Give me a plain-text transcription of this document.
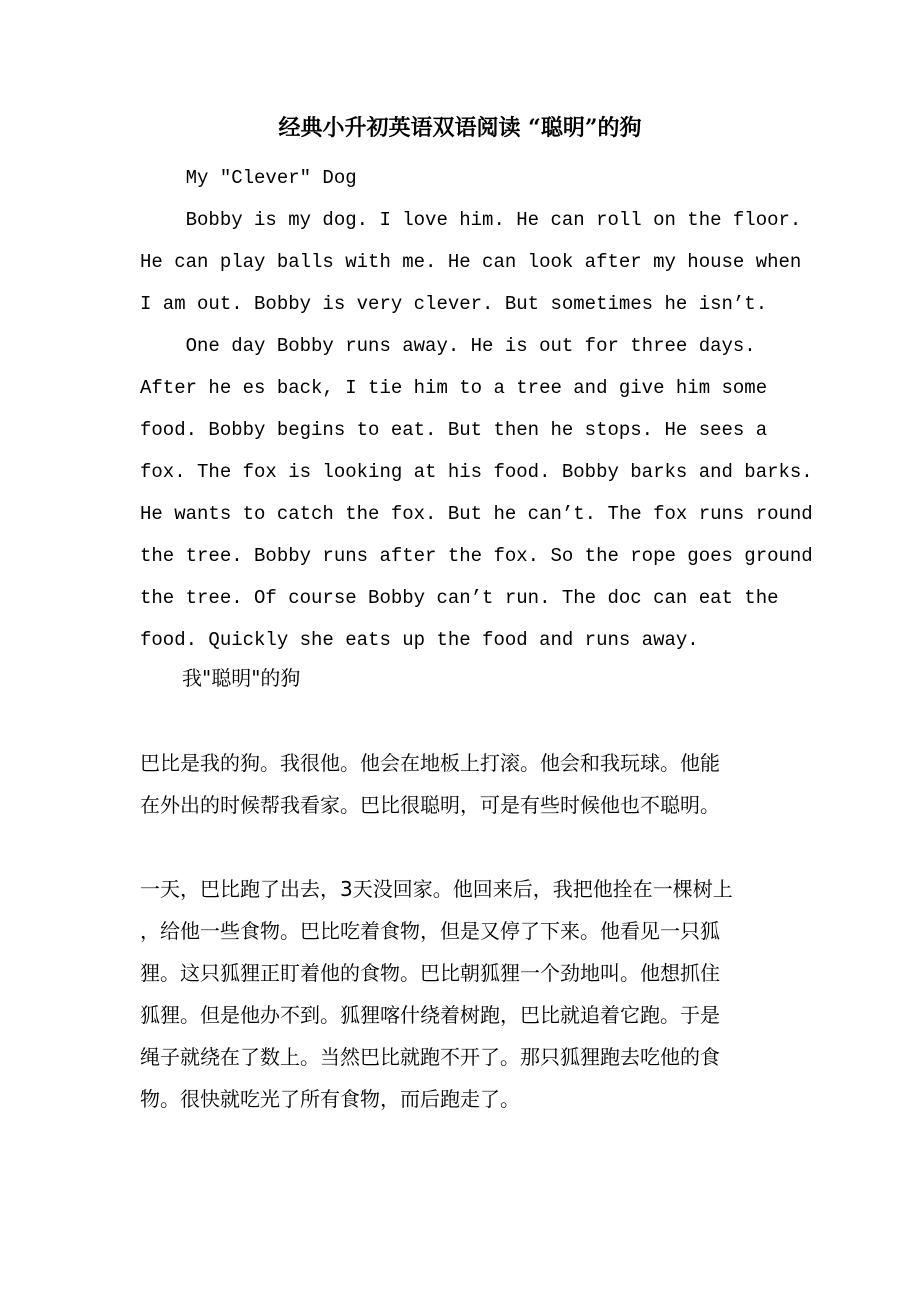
经典小升初英语双语阅读 “聪明”的狗
My "Clever" Dog
Bobby is my dog. I love him. He can roll on the floor.
He can play balls with me. He can look after my house when
I am out. Bobby is very clever. But sometimes he isn’t.
One day Bobby runs away. He is out for three days.
After he es back, I tie him to a tree and give him some
food. Bobby begins to eat. But then he stops. He sees a
fox. The fox is looking at his food. Bobby barks and barks.
He wants to catch the fox. But he can’t. The fox runs round
the tree. Bobby runs after the fox. So the rope goes ground
the tree. Of course Bobby can’t run. The doc can eat the
food. Quickly she eats up the food and runs away.
我"聪明"的狗
巴比是我的狗。我很他。他会在地板上打滚。他会和我玩球。他能
在外出的时候帮我看家。巴比很聪明，可是有些时候他也不聪明。
一天，巴比跑了出去，3天没回家。他回来后，我把他拴在一棵树上
，给他一些食物。巴比吃着食物，但是又停了下来。他看见一只狐
狸。这只狐狸正盯着他的食物。巴比朝狐狸一个劲地叫。他想抓住
狐狸。但是他办不到。狐狸喀什绕着树跑，巴比就追着它跑。于是
绳子就绕在了数上。当然巴比就跑不开了。那只狐狸跑去吃他的食
物。很快就吃光了所有食物，而后跑走了。
